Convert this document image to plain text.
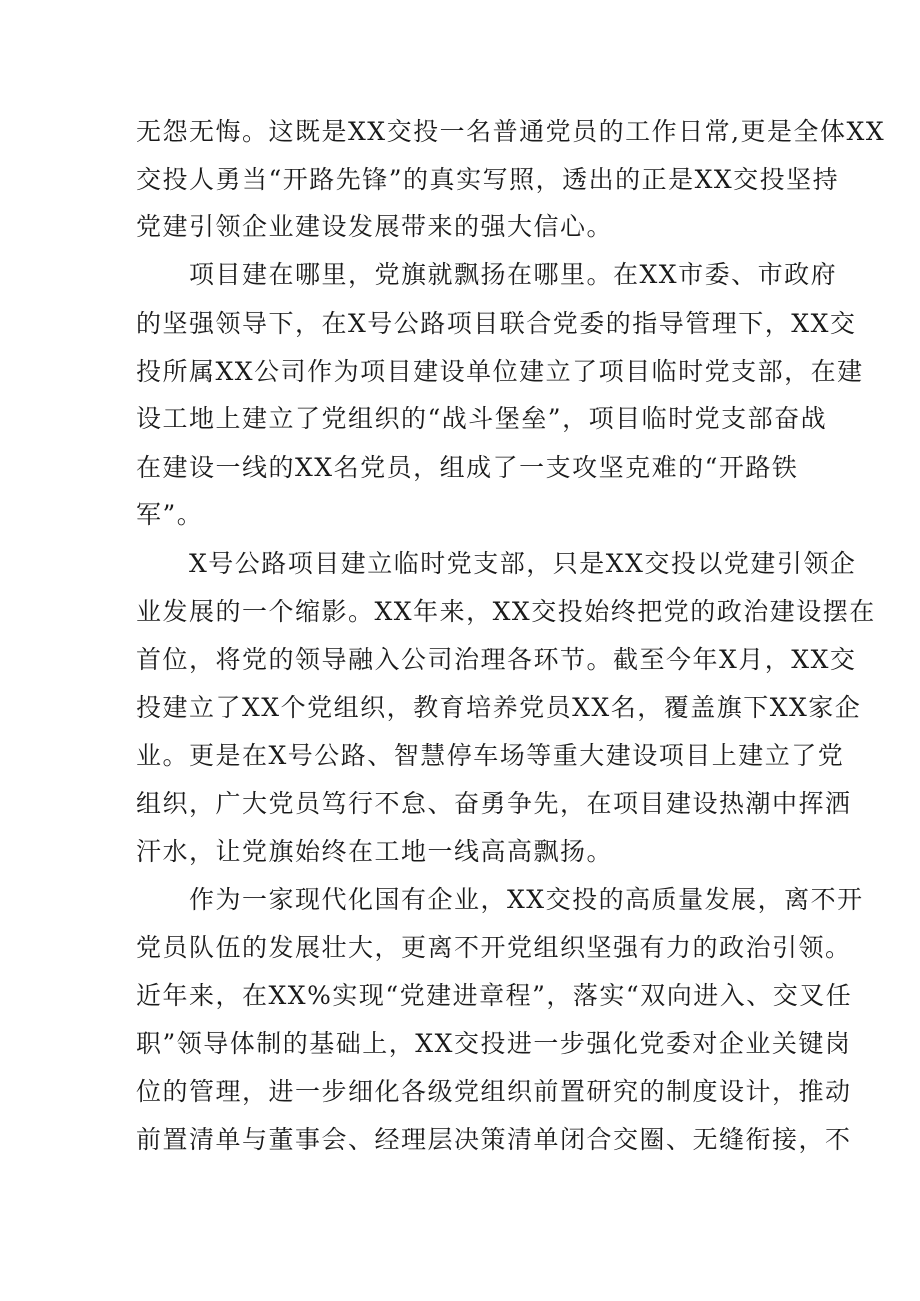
无怨无悔。这既是XX交投一名普通党员的工作日常,更是全体XX
交投人勇当“开路先锋”的真实写照，透出的正是XX交投坚持
党建引领企业建设发展带来的强大信心。
项目建在哪里，党旗就飘扬在哪里。在XX市委、市政府
的坚强领导下，在X号公路项目联合党委的指导管理下，XX交
投所属XX公司作为项目建设单位建立了项目临时党支部，在建
设工地上建立了党组织的“战斗堡垒”，项目临时党支部奋战
在建设一线的XX名党员，组成了一支攻坚克难的“开路铁
军”。
X号公路项目建立临时党支部，只是XX交投以党建引领企
业发展的一个缩影。XX年来，XX交投始终把党的政治建设摆在
首位，将党的领导融入公司治理各环节。截至今年X月，XX交
投建立了XX个党组织，教育培养党员XX名，覆盖旗下XX家企
业。更是在X号公路、智慧停车场等重大建设项目上建立了党
组织，广大党员笃行不怠、奋勇争先，在项目建设热潮中挥洒
汗水，让党旗始终在工地一线高高飘扬。
作为一家现代化国有企业，XX交投的高质量发展，离不开
党员队伍的发展壮大，更离不开党组织坚强有力的政治引领。
近年来，在XX%实现“党建进章程”，落实“双向进入、交叉任
职”领导体制的基础上，XX交投进一步强化党委对企业关键岗
位的管理，进一步细化各级党组织前置研究的制度设计，推动
前置清单与董事会、经理层决策清单闭合交圈、无缝衔接，不
